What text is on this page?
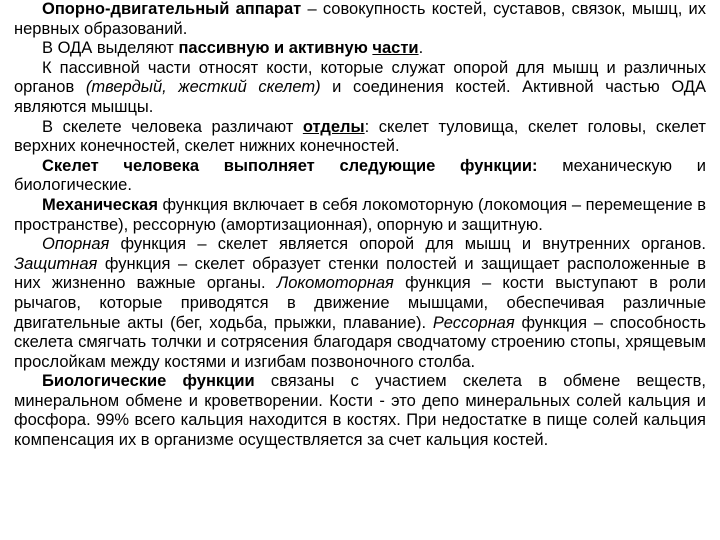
Опорно-двигательный аппарат – совокупность костей, суставов, связок, мышц, их нервных образований.

В ОДА выделяют пассивную и активную части.

К пассивной части относят кости, которые служат опорой для мышц и различных органов (твердый, жесткий скелет) и соединения костей. Активной частью ОДА являются мышцы.

В скелете человека различают отделы: скелет туловища, скелет головы, скелет верхних конечностей, скелет нижних конечностей.

Скелет человека выполняет следующие функции: механическую и биологические.

Механическая функция включает в себя локомоторную (локомоция – перемещение в пространстве), рессорную (амортизационная), опорную и защитную.

Опорная функция – скелет является опорой для мышц и внутренних органов. Защитная функция – скелет образует стенки полостей и защищает расположенные в них жизненно важные органы. Локомоторная функция – кости выступают в роли рычагов, которые приводятся в движение мышцами, обеспечивая различные двигательные акты (бег, ходьба, прыжки, плавание). Рессорная функция – способность скелета смягчать толчки и сотрясения благодаря сводчатому строению стопы, хрящевым прослойкам между костями и изгибам позвоночного столба.

Биологические функции связаны с участием скелета в обмене веществ, минеральном обмене и кроветворении. Кости - это депо минеральных солей кальция и фосфора. 99% всего кальция находится в костях. При недостатке в пище солей кальция компенсация их в организме осуществляется за счет кальция костей.
